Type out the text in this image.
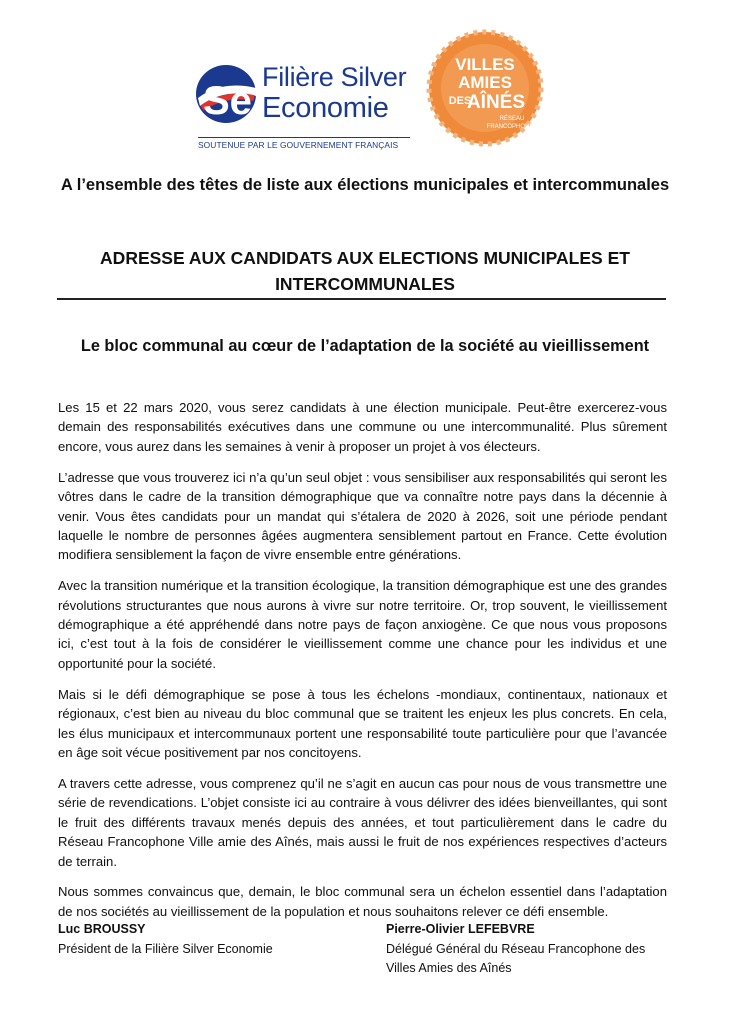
Se
Filière Silver
Economie
SOUTENUE PAR LE GOUVERNEMENT FRANÇAIS
VILLES
AMIES
DES
AÎNÉS
RÉSEAU
FRANCOPHONE
A l’ensemble des têtes de liste aux élections municipales et intercommunales
ADRESSE AUX CANDIDATS AUX ELECTIONS MUNICIPALES ET
INTERCOMMUNALES
Le bloc communal au cœur de l’adaptation de la société au vieillissement

Les 15 et 22 mars 2020, vous serez candidats à une élection municipale. Peut-être exercerez-vous demain des responsabilités exécutives dans une commune ou une intercommunalité. Plus sûrement encore, vous aurez dans les semaines à venir à proposer un projet à vos électeurs.

L’adresse que vous trouverez ici n’a qu’un seul objet : vous sensibiliser aux responsabilités qui seront les vôtres dans le cadre de la transition démographique que va connaître notre pays dans la décennie à venir. Vous êtes candidats pour un mandat qui s’étalera de 2020 à 2026, soit une période pendant laquelle le nombre de personnes âgées augmentera sensiblement partout en France. Cette évolution modifiera sensiblement la façon de vivre ensemble entre générations.

Avec la transition numérique et la transition écologique, la transition démographique est une des grandes révolutions structurantes que nous aurons à vivre sur notre territoire. Or, trop souvent, le vieillissement démographique a été appréhendé dans notre pays de façon anxiogène. Ce que nous vous proposons ici, c’est tout à la fois de considérer le vieillissement comme une chance pour les individus et une opportunité pour la société.

Mais si le défi démographique se pose à tous les échelons -mondiaux, continentaux, nationaux et régionaux, c’est bien au niveau du bloc communal que se traitent les enjeux les plus concrets. En cela, les élus municipaux et intercommunaux portent une responsabilité toute particulière pour que l’avancée en âge soit vécue positivement par nos concitoyens.

A travers cette adresse, vous comprenez qu’il ne s’agit en aucun cas pour nous de vous transmettre une série de revendications. L’objet consiste ici au contraire à vous délivrer des idées bienveillantes, qui sont le fruit des différents travaux menés depuis des années, et tout particulièrement dans le cadre du Réseau Francophone Ville amie des Aînés, mais aussi le fruit de nos expériences respectives d’acteurs de terrain.

Nous sommes convaincus que, demain, le bloc communal sera un échelon essentiel dans l’adaptation de nos sociétés au vieillissement de la population et nous souhaitons relever ce défi ensemble.

Luc BROUSSY
Président de la Filière Silver Economie
Pierre-Olivier LEFEBVRE
Délégué Général du Réseau Francophone des
Villes Amies des Aînés
